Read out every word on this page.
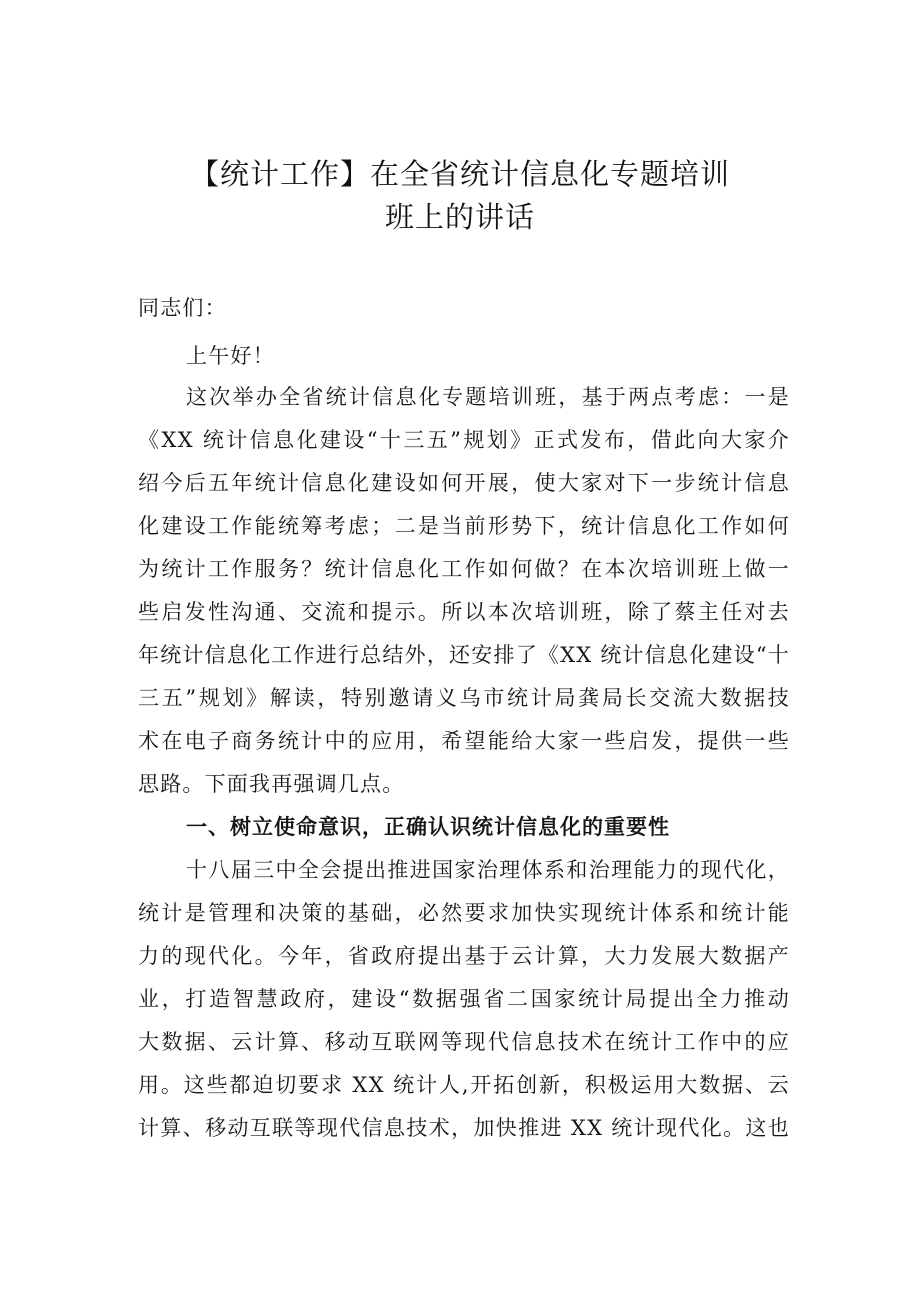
【统计工作】在全省统计信息化专题培训
班上的讲话
同志们：
上午好！
这次举办全省统计信息化专题培训班，基于两点考虑：一是
《XX 统计信息化建设“十三五”规划》正式发布，借此向大家介
绍今后五年统计信息化建设如何开展，使大家对下一步统计信息
化建设工作能统筹考虑；二是当前形势下，统计信息化工作如何
为统计工作服务？统计信息化工作如何做？在本次培训班上做一
些启发性沟通、交流和提示。所以本次培训班，除了蔡主任对去
年统计信息化工作进行总结外，还安排了《XX 统计信息化建设“十
三五”规划》解读，特别邀请义乌市统计局龚局长交流大数据技
术在电子商务统计中的应用，希望能给大家一些启发，提供一些
思路。下面我再强调几点。
一、树立使命意识，正确认识统计信息化的重要性
十八届三中全会提出推进国家治理体系和治理能力的现代化，
统计是管理和决策的基础，必然要求加快实现统计体系和统计能
力的现代化。今年，省政府提出基于云计算，大力发展大数据产
业，打造智慧政府，建设“数据强省二国家统计局提出全力推动
大数据、云计算、移动互联网等现代信息技术在统计工作中的应
用。这些都迫切要求 XX 统计人,开拓创新，积极运用大数据、云
计算、移动互联等现代信息技术，加快推进 XX 统计现代化。这也
